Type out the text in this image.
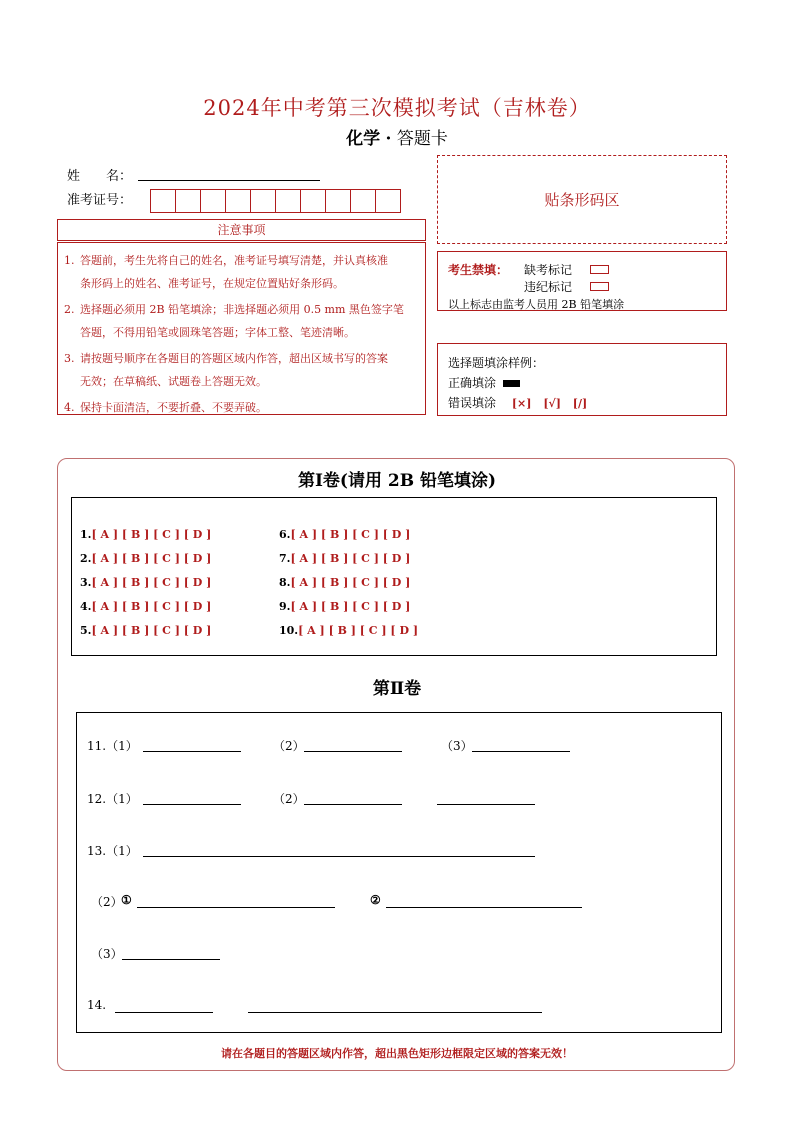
2024年中考第三次模拟考试（吉林卷）
化学 · 答题卡
姓　　名：
准考证号：	贴条形码区
注意事项

1. 答题前，考生先将自己的姓名，准考证号填写清楚，并认真核准
条形码上的姓名、准考证号，在规定位置贴好条形码。

2. 选择题必须用 2B 铅笔填涂；非选择题必须用 0.5 mm 黑色签字笔
答题，不得用铅笔或圆珠笔答题；字体工整、笔迹清晰。

3. 请按题号顺序在各题目的答题区域内作答，超出区域书写的答案
无效；在草稿纸、试题卷上答题无效。

4. 保持卡面清洁，不要折叠、不要弄破。

考生禁填： 缺考标记
违纪标记
以上标志由监考人员用 2B 铅笔填涂
选择题填涂样例：
正确填涂
错误填涂 [×] [√] [/]
第Ⅰ卷(请用 2B 铅笔填涂)
1.[ A ] [ B ] [ C ] [ D ]
2.[ A ] [ B ] [ C ] [ D ]
3.[ A ] [ B ] [ C ] [ D ]
4.[ A ] [ B ] [ C ] [ D ]
5.[ A ] [ B ] [ C ] [ D ]
6.[ A ] [ B ] [ C ] [ D ]
7.[ A ] [ B ] [ C ] [ D ]
8.[ A ] [ B ] [ C ] [ D ]
9.[ A ] [ B ] [ C ] [ D ]
10.[ A ] [ B ] [ C ] [ D ]
第Ⅱ卷
11.（1）	（2）	（3）
12.（1）	（2）
13.（1）
（2）
①	②
（3）
14.
请在各题目的答题区域内作答，超出黑色矩形边框限定区域的答案无效！
